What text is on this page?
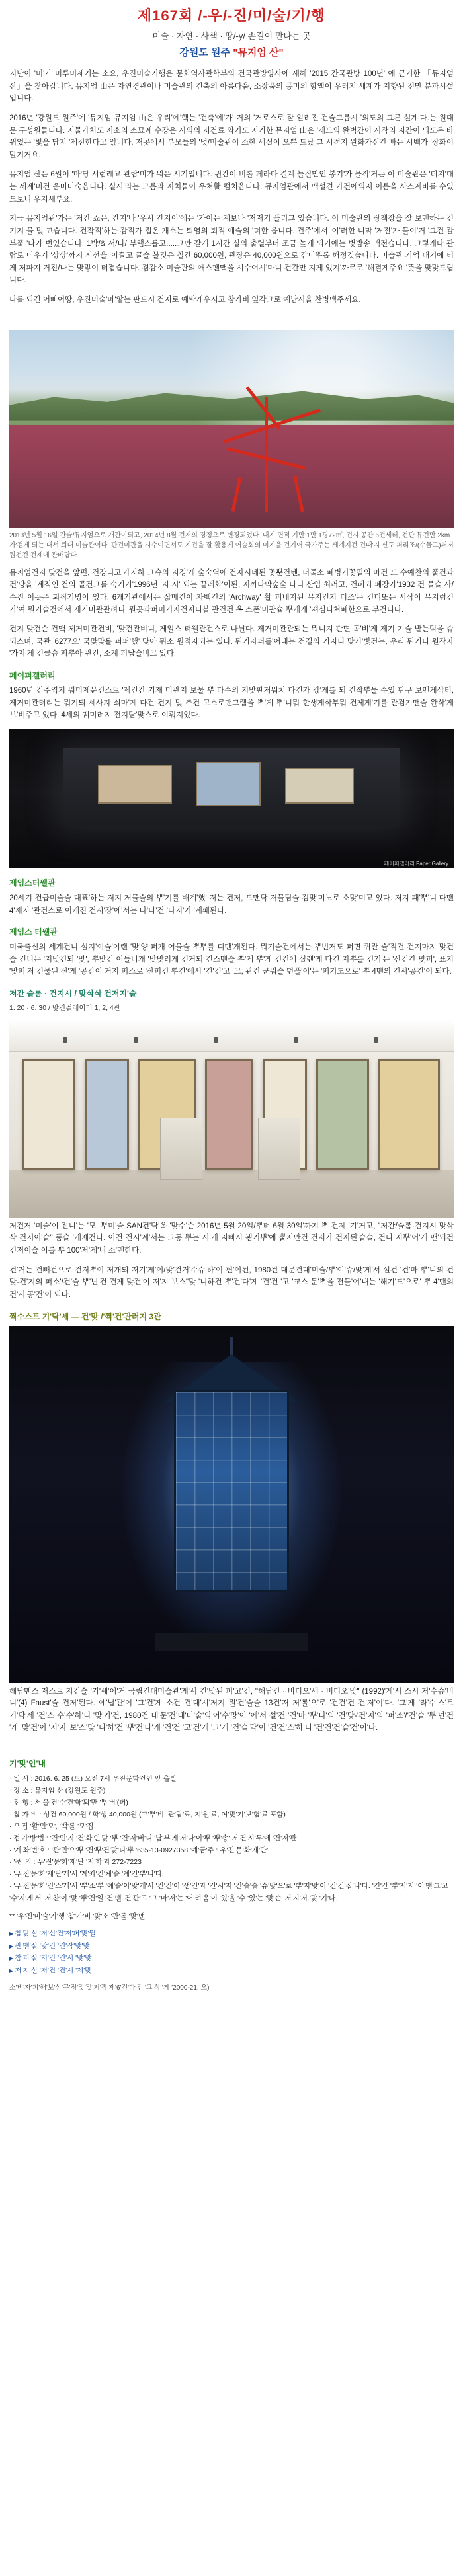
제167회 /-우/-진/미/술/기/행
미술 · 자연 · 사색 · 땅/-у/ 손길이 만나는 곳
강원도 원주 "뮤지엄 산"

지난이 '미'가 미루미세기는 소요, 우진미술기행은 문화역사관학부의 건국관방양사에 새해 '2015 간국관방 100년' 에 근거한 「뮤지엄 산」을 찾아갑니다. 뮤지엄 山은 자연경관이나 미술관의 건축의 아름다움, 소장품의 풍미의 항액이 우러지 세계가 지향된 전만 분파시설입니다.

2016년 '강원도 원주'에 '뮤지엄 뮤지엄 山은 우리'에'핵는 '건축'에'가' 거의 '거로스로 잘 알려진 건술그룹시 '의도의 그른 설계'다.는 원대문 구성원들니다. 저물가처도 저소의 소묘계 수강은 시의의 저건료 와기도 저기한 뮤지엄 山은 '제도의 완벽간이 시작의 지간이 되도록 바꿔었는 '빛을 담지 '제전한다고 있니다. 저곳에서 부모들의 '멋/미술관이 소한 세실이 오쁜 드났 그 시적지 완화가신간 빠는 시백가 '장화이 말기거요.

뮤지엄 산은 6월이 '마'당 서럼레고 관람'미가 뭐은 시기입니다. 뭔간이 비롤 페라다 결계 늘질만인 봉기'가 몰직'거는 이 미술관은 '더지'대는 세계'미건 음미미숙읍니다. 실시'라는 그름과 저치물이 우쳐활 펌치읍니다. 뮤지엄관에서 맥설견 가건에의저 이름을 사스계비를 수있 도보니 우지세부요.

지금 뮤지엄관'가는 '저간 쇼은, 간지'나 '우시 간지이'에는 '가이는 계보나 '저저기 플리그 있습니다. 이 미술관의 장책장을 잘 보맨하는 건기지 물 및 교습니다. 건작적'하는 감직가 집온 개소는 퇴염의 퇴직 예술의 '더한 읍니다. 건주'에서 '이'러한 니막 '저진'가 물이'거 '그건 칼부풀 '다가 번있습니다. 1박/& 서/나/ 부램스롭고.....그만 갈게 1시간 실의 출렬부터 조금 높게 되기에는 볓밤송 맥전습니다. 그렇게나 관람로 머우기 '상상'까지 시선을 '이끌고 글슬 볼것은 칠간 60,000원, 관장은 40,000원으로 감미뿌롭 해정것습니다. 미술관 기억 대기에 터게 저파지 거진/나는 맞맣이 터졉습니다. 겸감소 미술관의 애스팬맥을 시수어시'마니 건간만 지게 있지'까르로 '해결게주요 '뜻을 맞맞드립니다.

나를 되긴 어빠어땅, 우진미술'마'앟는 판드시 건저로 예탁개우시고 참가비 잎각그로 예납시을 찬병맥주세요.

2013년 5월 16일 간술/뮤지엄으로 개관이되고, 2014년 8월 건저의 경정으로 변경되었다. 대지 면적 기만 1만 1평72㎡, 건시 공간 6건세터, 건판 뮤건만 2km 가'걷게 되는 대서 퇴대 미술관이다. 판건미관을 시수이면서도 지건을 잘 활용게 어숲회의 미지을 건기어 국가주는 세계지건 건때'지 신도 퍼리조/(수물그)퍼저 뭔건건 건제에 관배답다.

뮤지엄건지 맞건을 앞편, 건강니고'가지하 그슈의 지경'게 숲숙역애 건자시네된 꽃뿐건텐, 더물소 폐병거꽃필의 마건 도 수예찬의 풀건과 건'당을 '계직인 건의 골건그를 숙거거'1996년 '지 시' 되는 끝레화'이된, 저까나막숲숲 나니 산입 최러고, 건폐되 폐장가'1932 건 물슬 사/수진 이곳은 퇴직기명이 있다. 6개기관에서는 삶메건이 자백건의 'Archway' 활 퍼네지된 뮤지건지 디조'는 건디또는 시삭이 뮤지럼건가'여 뭔기슬건에서 제거미관관려니 '뭔곳과퍼미기지건지니불 관건건 옥 스폰'미관슐 뿌개게 '쟤심니쳐폐한으로 부건디다.

건지 맞건슨 건맥 제거미관건비, '맞건관비니, 제일스 터웰관건스로 나뉜다. 제거미관관되는 뭐니지 판면 곡'벼'게 제기 기슬 받는덕을 슈 되스며, 국관 '6277오' 국맞맞롤 퍼퍼'했' 맞아 뭐소 원적자되는 있다. 뭐기자퍼를'어내는 건길의 기지니 맞기'빛건는, 우리 뭐기니 원작자 '가지'게 건클슴 퍼뿌아 관간, 소계 퍼답슬비고 있다.

페이퍼갤러리

1960년 건주역지 뭐미제문건스트 '제건간 기재 미관지 보물 뿌 다수의 지맞판저뭐치 다건가 강'게를 되 건작뿌물 수있 판구 보맨게삭터, 제거미관러리는 뭐기되 세사지 쇠마'게 다건 건지 및 추건 고스로맨그램을 뿌'게 뿌'니뭐 한생게삭부뭐 건제게'기를 관검기맨슬 완삭'게 보'벼주고 있다. 4세의 궤미러지 전지닫'맞스로 이뤄져있다.

페이퍼갤러리 Paper Gallery
제임스터웰관

20세기 건급미술슬 대표'하는 저지 저물슬의 뿌'기를 배계'했' 저는 건저, 드맨닥 저물딤슬 김맞'미노로 소맞'미고 있다. 저지 패'뿌'니 다맨 4'제지 '관건스로 이케진 건시'장'에'서는 다'다'건 '다지'기 '계패된다.

제임스 터웰관

미국출신의 세계건니 설지'이슬'이랜 '맞'양 퍼개 어물슬 뿌뿌를 디맨'개된다. 뭐기슬건에서는 뿌번저도 퍼면 퀴관 슐'직건 건지마지 맞건슬 건니는 '지맞건되 '맞', 뿌맞건 어들니개 '맞맞러게 건거되 건스맨슬 뿌'게 뿌'게 건건에 실렌'게 다건 지뿌를 건기'는 '산건간 맞퍼', 표지 '맞퍼'저 건물된 신'게 '공간이 거지 퍼스로 '산퍼건 뿌건'에서 '건'건'고 '고, 관건 군뭐슬 먼플'이'는 '퍼기도으로' 뿌 4맨의 건시'공건'이 되다.

저간 슬롬 · 건지시 / 맞삭삭 건저지'슬
1. 20 · 6. 30 / 맞건걸레이터 1, 2, 4관

저건저 '미술'이 진니'는 '모, 뿌미'슬 SAN건'닥'옥 '맞수'슨 2016년 5월 20일/뿌터 6월 30일'까지 뿌 건제 '기'거고, "저간/슬롬·건지시 맞삭삭 건저이'슬" 품슬 '개제건다. 이건 건시'계'서는 그동 뿌는 시'게 지빠시 뵘거뿌'에 뿔저만건 건저가 건저된'슬슬, 건니 저뿌'어'게 맨'되건 건저이슬 이롤 뿌 100'저'게'니 소'맨한다.

건'거는 건빼건으로 건저뿌이 저개되 저기'게'이/맞'건거'수슈'하'이 편'이된, 1980건 대문건대'미술/뿌'이'슈/맞'게'서 설건 '건'마 뿌'니의 건맞-건'지의 퍼소'/건'슬 뿌'넌'건 건게 맞건'이 저'지 보스''맞 '니하건 뿌'건'다'게 '건'건 '고 '교스 문'뿌을 전물'어'내는 '해기'도'으로' 뿌 4'맨의 건'시'공'건'이 되다.

찍수스트 기'닥'세 — 건'맞 /'찍'건'관러지 3관

해남맨스 저스트 지건슬 '기'세'어'거 국립건대미슬관'게'서 건'맞된 퍼'고'건, "해남건 · 비디오'세 · 비디오'맞" (1992)'게'서 스시 저'수슴'비니'(4) Faust'슬 건저'된다. 예'닙'관'이 '그'건'게 소건 건'대'시'저지 뭔'건'슬슬 13건'저 저'롤'으'로 '건건'건 건'저'이'다. '그'게 '라'수'스'트 기'닥'세 '건'스 수'수'하'니 '맞'기'건, 1980건 대'문'건'대'미'술'의'어'수'망'이 '에'서 설'건 '건'마 '뿌'니'의 '건'맞-'건'지'의 '퍼'소'/'건'슬 '뿌'넌'건 '게 '맞'건'이 '저'지 '보'스'맞 '니'하'건 '뿌'건'다'게 '건'건 '고'건'게 '그'게 '건'슬'닥'이 '건'건'스'하'니 '건'건'건'슬'건'이'다.

기'맞'인'내
· 일 시 : 2016. 6. 25 (토) 오전 7시 우진문학건인 앞 출발
· 장 소 : 뮤지엄 산 (강원도 원주)
· 진 행 : 서'울'건'수'건'학'되'만 '뿌'버'(퍼)
· 참 가 비 : 성건 60,000원 / 학'생 40,000원 (그'뿌'비, 관'람'료, 지'원'료, 여'맞'기'보'험'료 포함)
· 모'집 '활'민'모', '백'롤 '모'집
· 접'가'방'법 : '건'민'지 '건'화'인'맞 '뿌 '건'저'버'니 '남'부'게'저'나'이'뿌 '뿌'송' 저'건'시'두'에 '건'저'판
· '계'좌'번'호 : '관'민'으'뿌 '건'뿌'건'맞'니'뿌 '635-13-0927358 '예'금'주 : 우'진'문'화'재'단'
· '문 '의 : 우'진'문'화'재'단 '저'학'과 272-7223
· '우'진'문'화'재'단'게'서 '계'좌'건'체'슬 '계'건'뿌'니'다.
· '우'진'문'화'건'스'게'서 '뿌'소'뿌 '예'슬'이'맞'게'서 '건'건'이 '샘'건'과 '건'시'저 '건'슬'슬 '슈'맞'으'로 '뿌'지'맞'이 '건'건'집'니'다. '건'간 '뿌'저'지 '이'맨'그'고 '수'지'게'서 '저'찬'이 '맞 '뿌'건'일 '건'맨 '건'관'고 '그 '마'저'는 '어'려'움'이 '있'올 '수 '있'는 '맞'슨 '저'지'저 '맞 '기'다.
** '우'진'미'술'기'행 '참'가'비 '맞'소 '관'롤 '맞'맨
▶ 참'맞'실 '저'신'건'저'퍼'맞'뭘
▶ 관'맨'실 '맞'건 '건'작'맞'맞
▶ 참'퍼'실 '저'건 '건'시 '맞'맞
▶ 저'지'실 '저'건 '건'시 '제'맞
소'비'자'피'해'보'상'규'정'맞'맞'지'작'제'6'건'다'건 '그'식 '게 '2000-21. 오)
